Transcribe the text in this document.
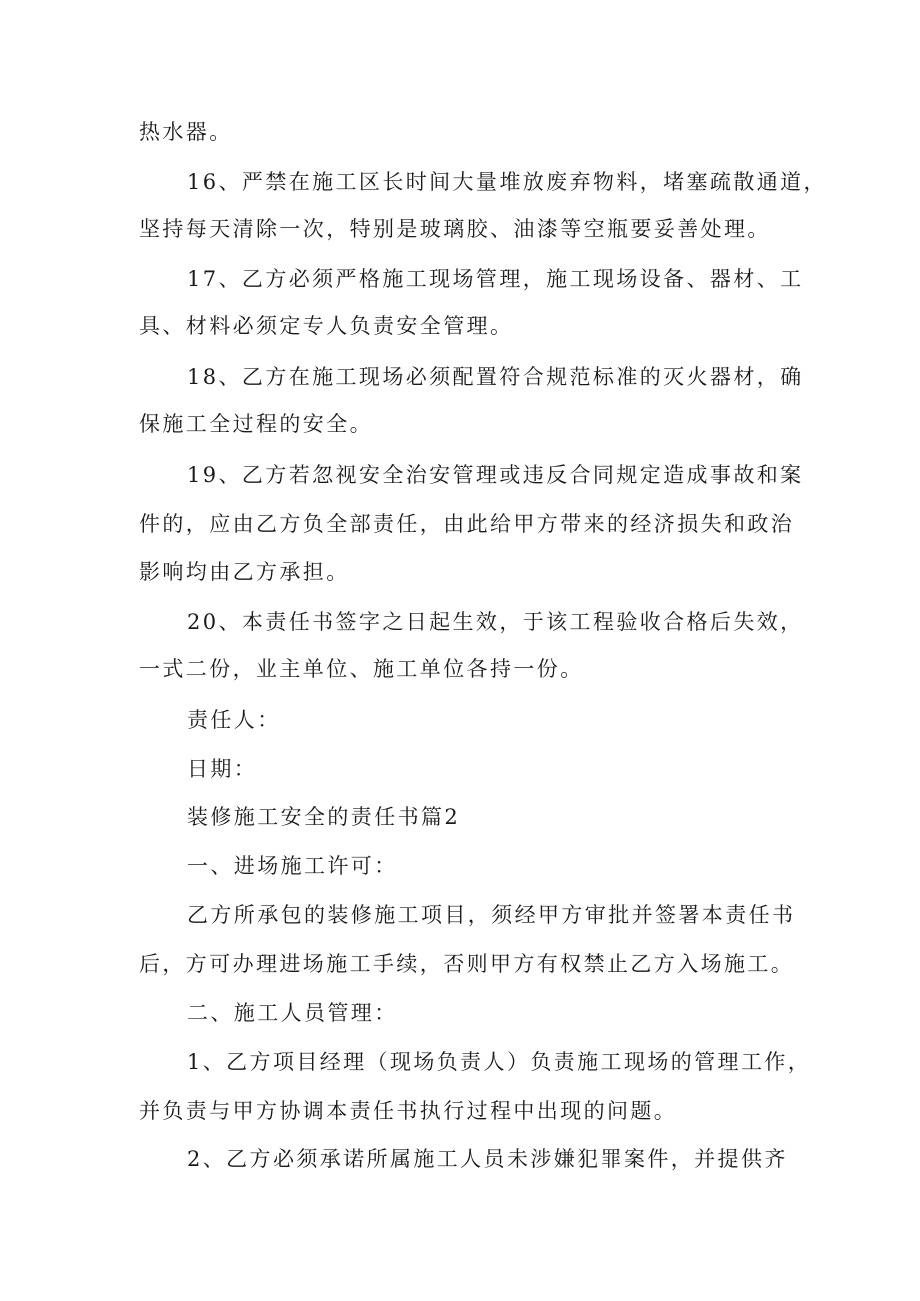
热水器。
16、严禁在施工区长时间大量堆放废弃物料，堵塞疏散通道，
坚持每天清除一次，特别是玻璃胶、油漆等空瓶要妥善处理。
17、乙方必须严格施工现场管理，施工现场设备、器材、工
具、材料必须定专人负责安全管理。
18、乙方在施工现场必须配置符合规范标准的灭火器材，确
保施工全过程的安全。
19、乙方若忽视安全治安管理或违反合同规定造成事故和案
件的，应由乙方负全部责任，由此给甲方带来的经济损失和政治
影响均由乙方承担。
20、本责任书签字之日起生效，于该工程验收合格后失效，
一式二份，业主单位、施工单位各持一份。
责任人：
日期：
装修施工安全的责任书篇2
一、进场施工许可：
乙方所承包的装修施工项目，须经甲方审批并签署本责任书
后，方可办理进场施工手续，否则甲方有权禁止乙方入场施工。
二、施工人员管理：
1、乙方项目经理（现场负责人）负责施工现场的管理工作，
并负责与甲方协调本责任书执行过程中出现的问题。
2、乙方必须承诺所属施工人员未涉嫌犯罪案件，并提供齐
